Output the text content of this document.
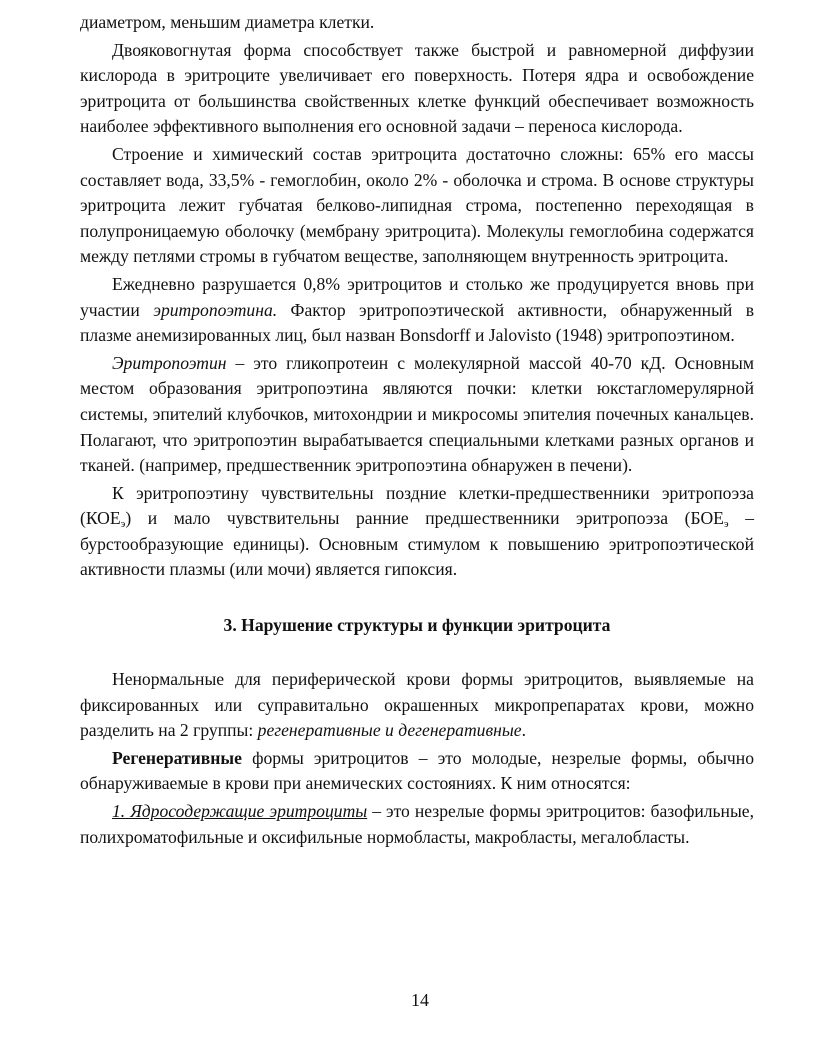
диаметром, меньшим диаметра клетки.

Двояковогнутая форма способствует также быстрой и равномерной диффузии кислорода в эритроците увеличивает его поверхность. Потеря ядра и освобождение эритроцита от большинства свойственных клетке функций обеспечивает возможность наиболее эффективного выполнения его основной задачи – переноса кислорода.

Строение и химический состав эритроцита достаточно сложны: 65% его массы составляет вода, 33,5% - гемоглобин, около 2% - оболочка и строма. В основе структуры эритроцита лежит губчатая белково-липидная строма, постепенно переходящая в полупроницаемую оболочку (мембрану эритроцита). Молекулы гемоглобина содержатся между петлями стромы в губчатом веществе, заполняющем внутренность эритроцита.

Ежедневно разрушается 0,8% эритроцитов и столько же продуцируется вновь при участии эритропоэтина. Фактор эритропоэтической активности, обнаруженный в плазме анемизированных лиц, был назван Bonsdorff и Jalovisto (1948) эритропоэтином.

Эритропоэтин – это гликопротеин с молекулярной массой 40-70 кД. Основным местом образования эритропоэтина являются почки: клетки юкстагломерулярной системы, эпителий клубочков, митохондрии и микросомы эпителия почечных канальцев. Полагают, что эритропоэтин вырабатывается специальными клетками разных органов и тканей. (например, предшественник эритропоэтина обнаружен в печени).

К эритропоэтину чувствительны поздние клетки-предшественники эритропоэза $(КОЕ_э)$ и мало чувствительны ранние предшественники эритропоэза ($БОЕ_э$ – бурстообразующие единицы). Основным стимулом к повышению эритропоэтической активности плазмы (или мочи) является гипоксия.

3. Нарушение структуры и функции эритроцита

Ненормальные для периферической крови формы эритроцитов, выявляемые на фиксированных или суправитально окрашенных микропрепаратах крови, можно разделить на 2 группы: регенеративные и дегенеративные.

Регенеративные формы эритроцитов – это молодые, незрелые формы, обычно обнаруживаемые в крови при анемических состояниях. К ним относятся:

1. Ядросодержащие эритроциты – это незрелые формы эритроцитов: базофильные, полихроматофильные и оксифильные нормобласты, макробласты, мегалобласты.

14
